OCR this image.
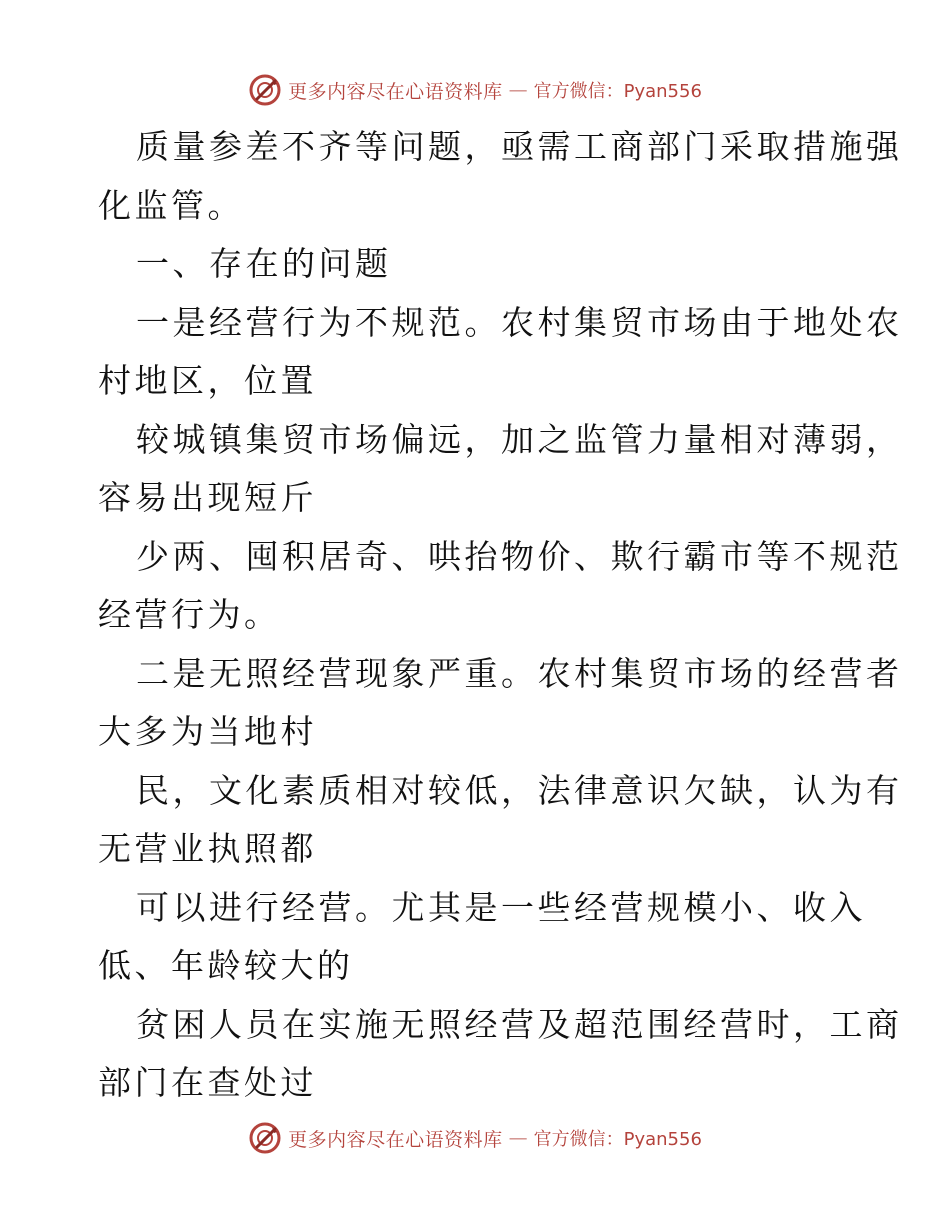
更多内容尽在心语资料库 — 官方微信：Pyan556
质量参差不齐等问题，亟需工商部门采取措施强
化监管。
一、存在的问题
一是经营行为不规范。农村集贸市场由于地处农
村地区，位置
较城镇集贸市场偏远，加之监管力量相对薄弱，
容易出现短斤
少两、囤积居奇、哄抬物价、欺行霸市等不规范
经营行为。
二是无照经营现象严重。农村集贸市场的经营者
大多为当地村
民，文化素质相对较低，法律意识欠缺，认为有
无营业执照都
可以进行经营。尤其是一些经营规模小、收入
低、年龄较大的
贫困人员在实施无照经营及超范围经营时，工商
部门在查处过
更多内容尽在心语资料库 — 官方微信：Pyan556
